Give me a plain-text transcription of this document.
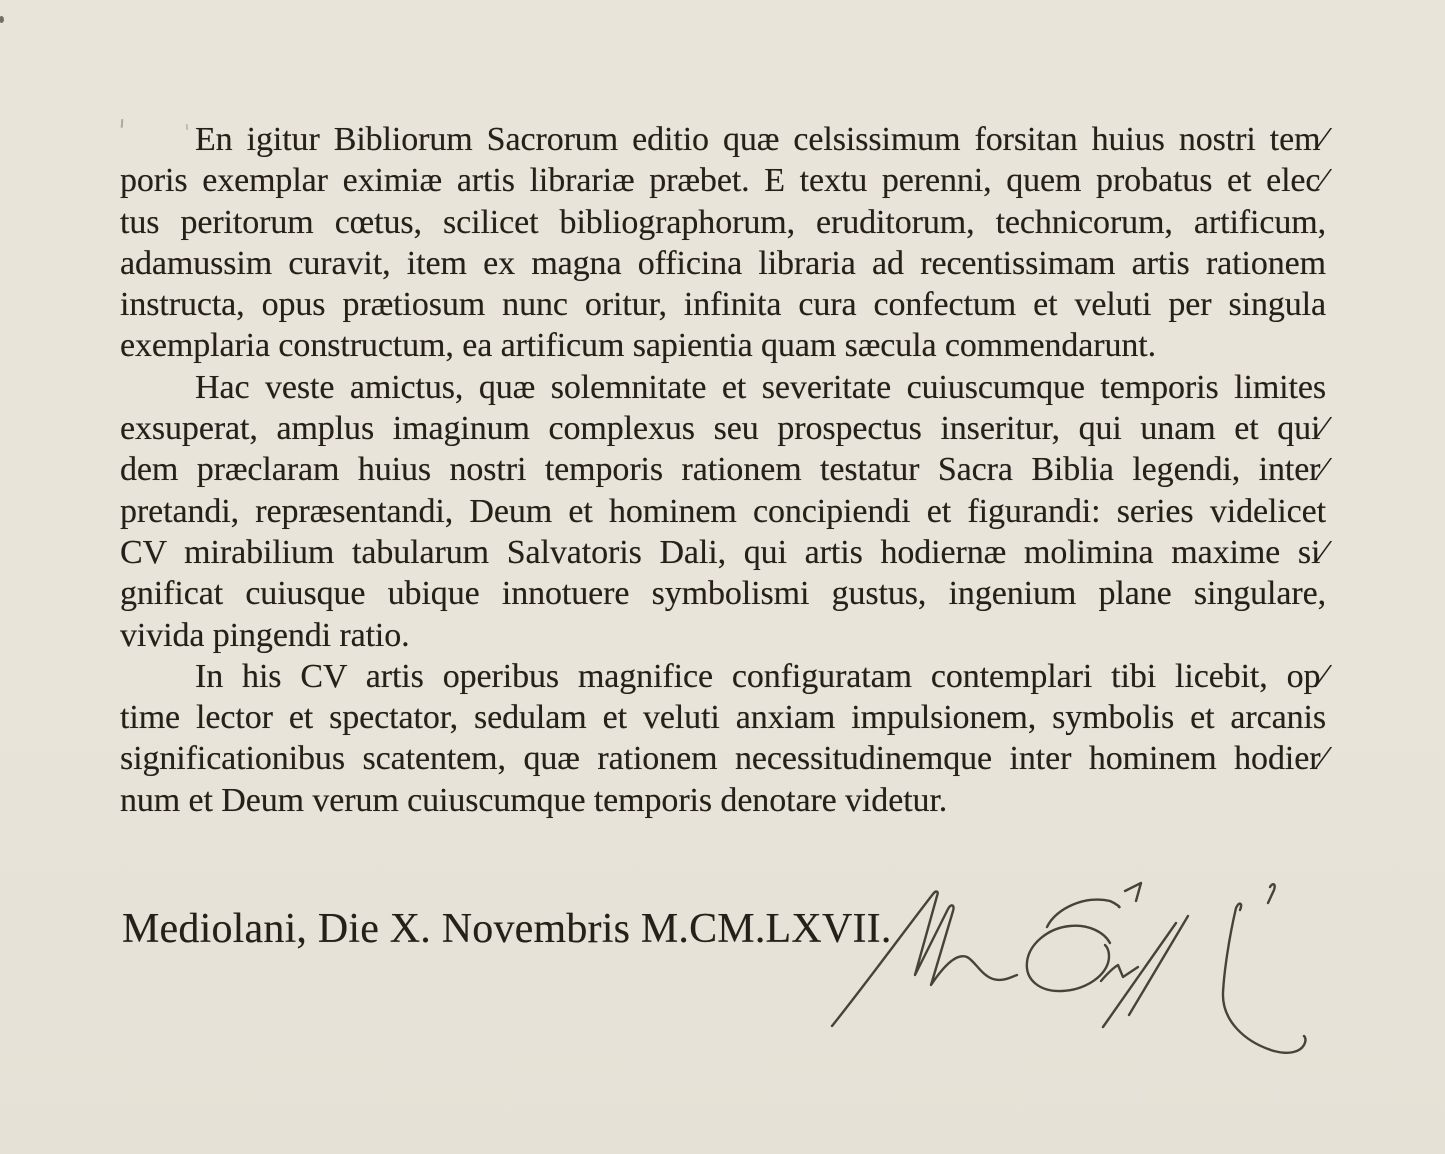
En igitur Bibliorum Sacrorum editio quæ celsissimum forsitan huius nostri tem⁄
poris exemplar eximiæ artis librariæ præbet. E textu perenni, quem probatus et elec⁄
tus peritorum cœtus, scilicet bibliographorum, eruditorum, technicorum, artificum,
adamussim curavit, item ex magna officina libraria ad recentissimam artis rationem
instructa, opus prætiosum nunc oritur, infinita cura confectum et veluti per singula
exemplaria constructum, ea artificum sapientia quam sæcula commendarunt.
Hac veste amictus, quæ solemnitate et severitate cuiuscumque temporis limites
exsuperat, amplus imaginum complexus seu prospectus inseritur, qui unam et qui⁄
dem præclaram huius nostri temporis rationem testatur Sacra Biblia legendi, inter⁄
pretandi, repræsentandi, Deum et hominem concipiendi et figurandi: series videlicet
CV mirabilium tabularum Salvatoris Dali, qui artis hodiernæ molimina maxime si⁄
gnificat cuiusque ubique innotuere symbolismi gustus, ingenium plane singulare,
vivida pingendi ratio.
In his CV artis operibus magnifice configuratam contemplari tibi licebit, op⁄
time lector et spectator, sedulam et veluti anxiam impulsionem, symbolis et arcanis
significationibus scatentem, quæ rationem necessitudinemque inter hominem hodier⁄
num et Deum verum cuiuscumque temporis denotare videtur.
Mediolani, Die X. Novembris M.CM.LXVII.
